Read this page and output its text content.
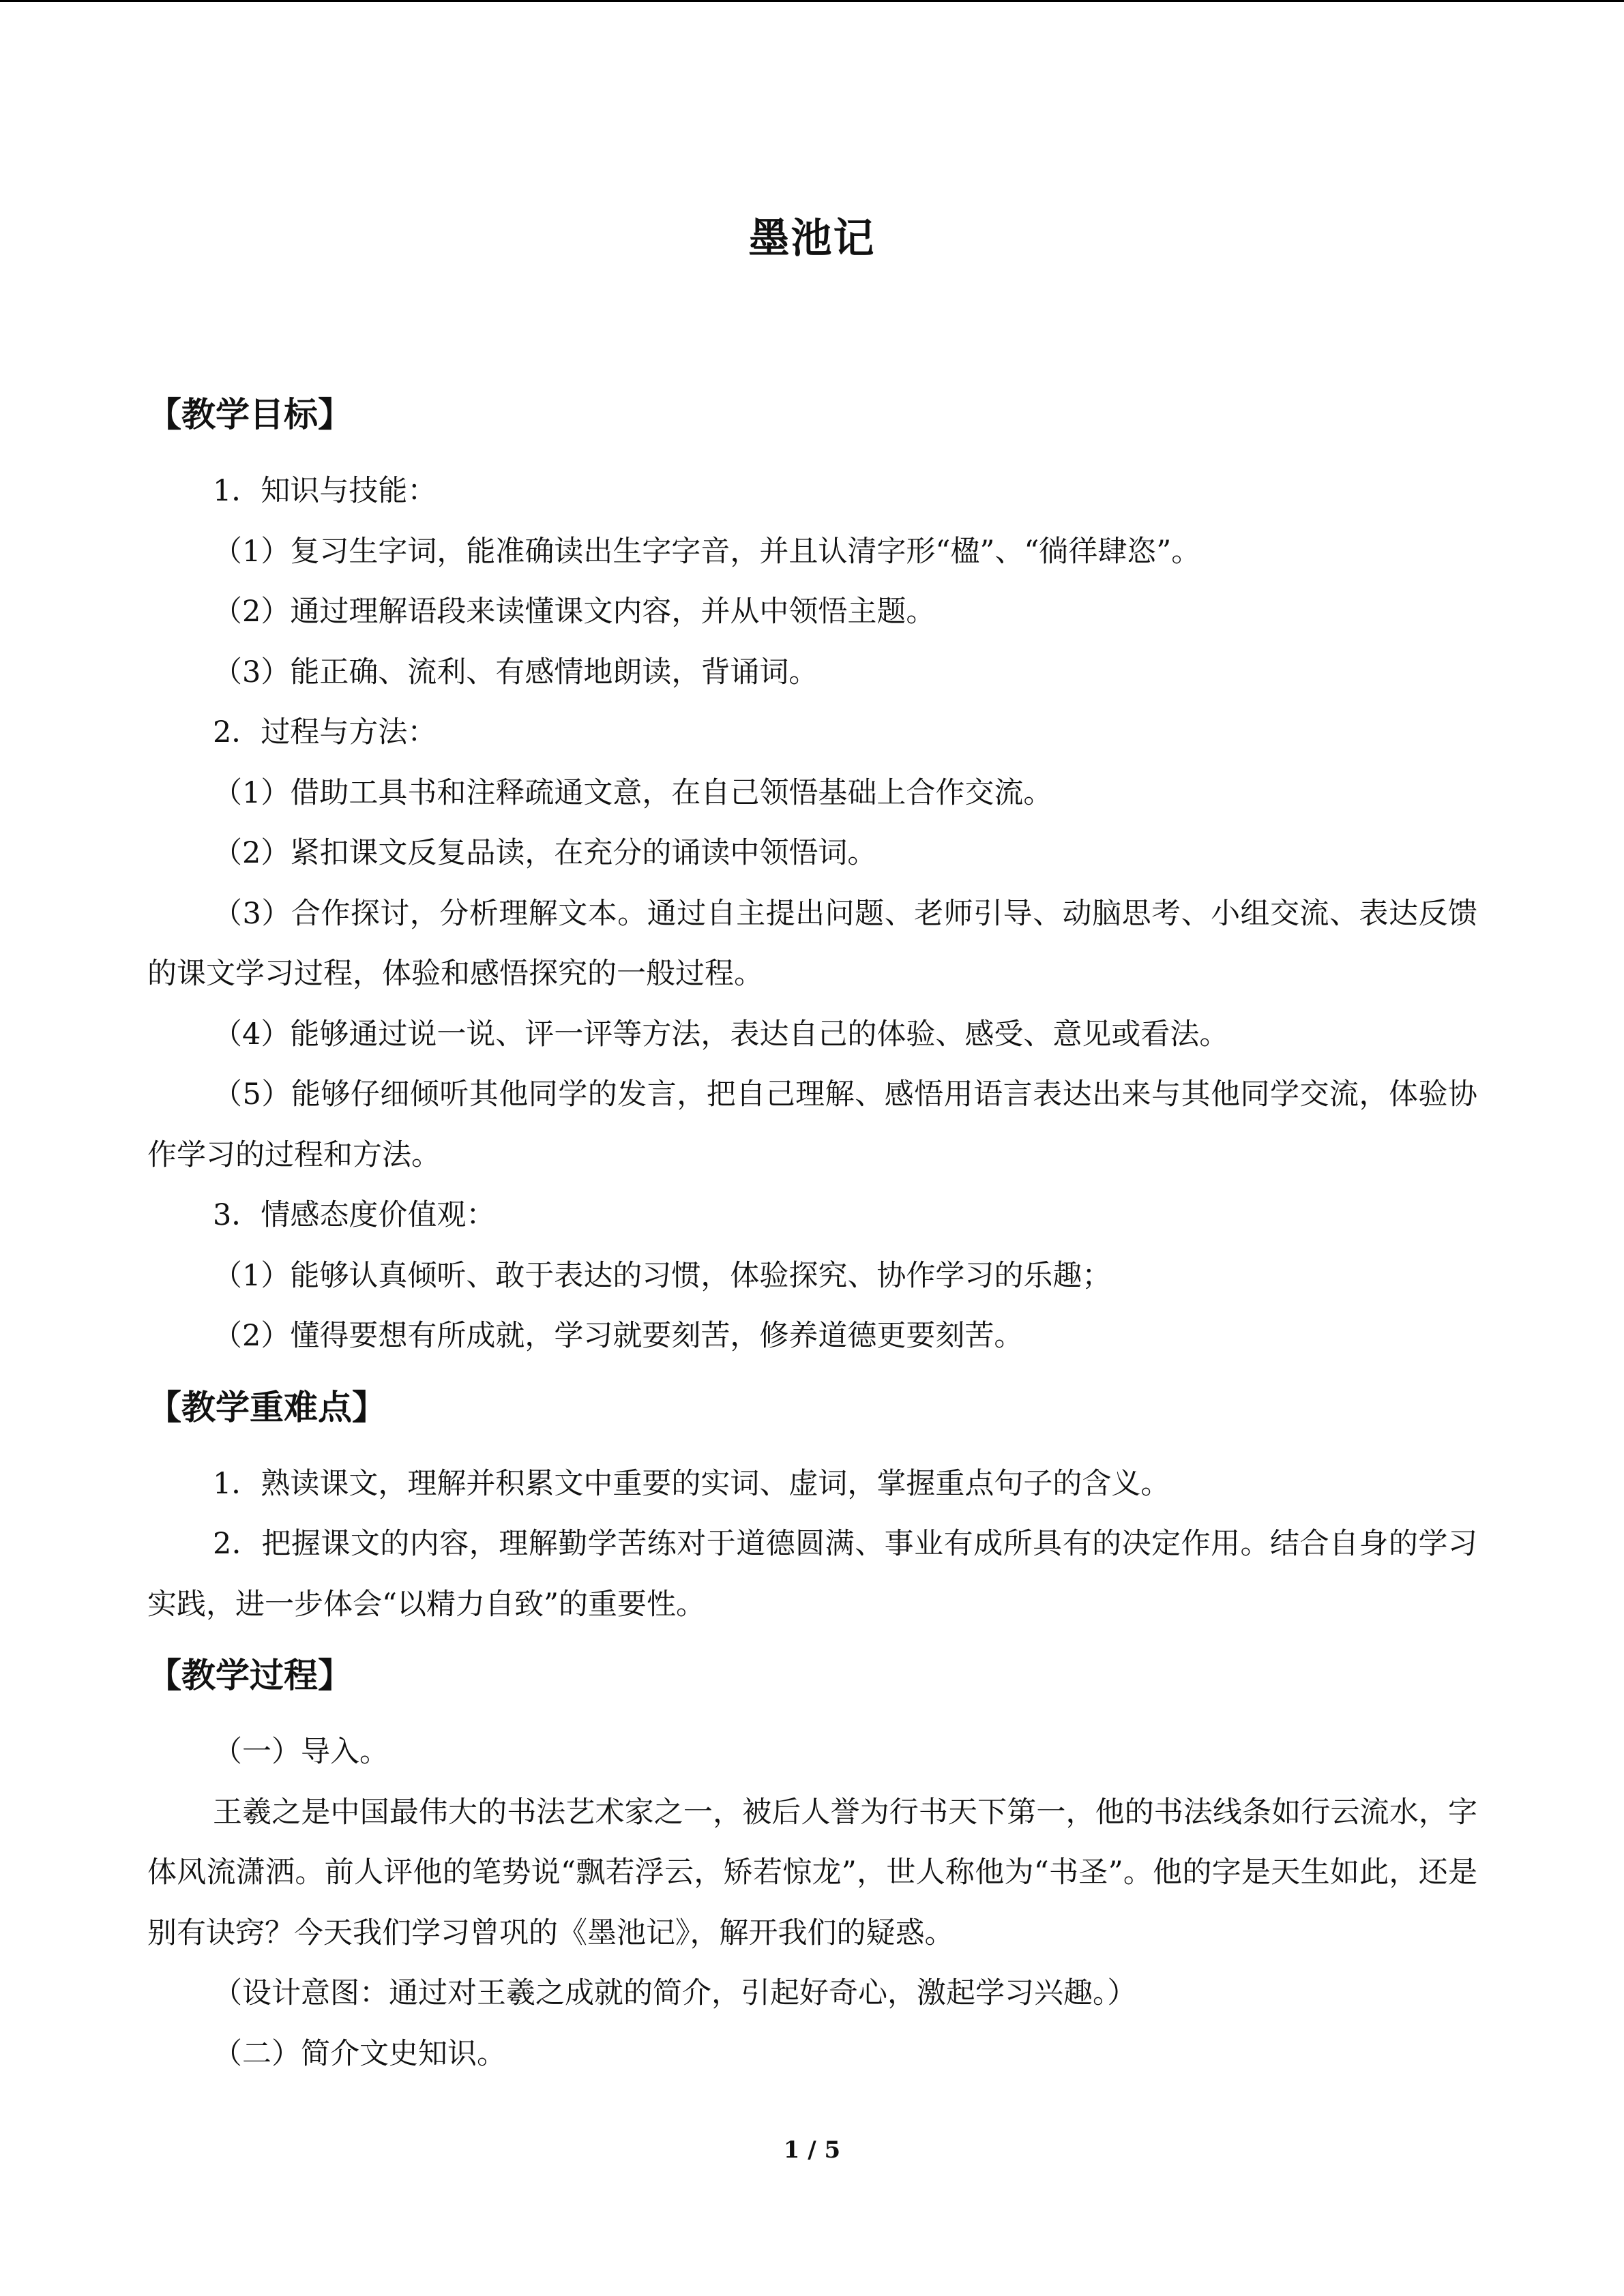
墨池记
【教学目标】

1．知识与技能：

（1）复习生字词，能准确读出生字字音，并且认清字形“楹”、“徜徉肆恣”。

（2）通过理解语段来读懂课文内容，并从中领悟主题。

（3）能正确、流利、有感情地朗读，背诵词。

2．过程与方法：

（1）借助工具书和注释疏通文意，在自己领悟基础上合作交流。

（2）紧扣课文反复品读，在充分的诵读中领悟词。

（3）合作探讨，分析理解文本。通过自主提出问题、老师引导、动脑思考、小组交流、表达反馈的课文学习过程，体验和感悟探究的一般过程。

（4）能够通过说一说、评一评等方法，表达自己的体验、感受、意见或看法。

（5）能够仔细倾听其他同学的发言，把自己理解、感悟用语言表达出来与其他同学交流，体验协作学习的过程和方法。

3．情感态度价值观：

（1）能够认真倾听、敢于表达的习惯，体验探究、协作学习的乐趣；

（2）懂得要想有所成就，学习就要刻苦，修养道德更要刻苦。

【教学重难点】

1．熟读课文，理解并积累文中重要的实词、虚词，掌握重点句子的含义。

2．把握课文的内容，理解勤学苦练对于道德圆满、事业有成所具有的决定作用。结合自身的学习实践，进一步体会“以精力自致”的重要性。

【教学过程】

（一）导入。

王羲之是中国最伟大的书法艺术家之一，被后人誉为行书天下第一，他的书法线条如行云流水，字体风流潇洒。前人评他的笔势说“飘若浮云，矫若惊龙”，世人称他为“书圣”。他的字是天生如此，还是别有诀窍？今天我们学习曾巩的《墨池记》，解开我们的疑惑。

（设计意图：通过对王羲之成就的简介，引起好奇心，激起学习兴趣。）

（二）简介文史知识。

1 / 5
